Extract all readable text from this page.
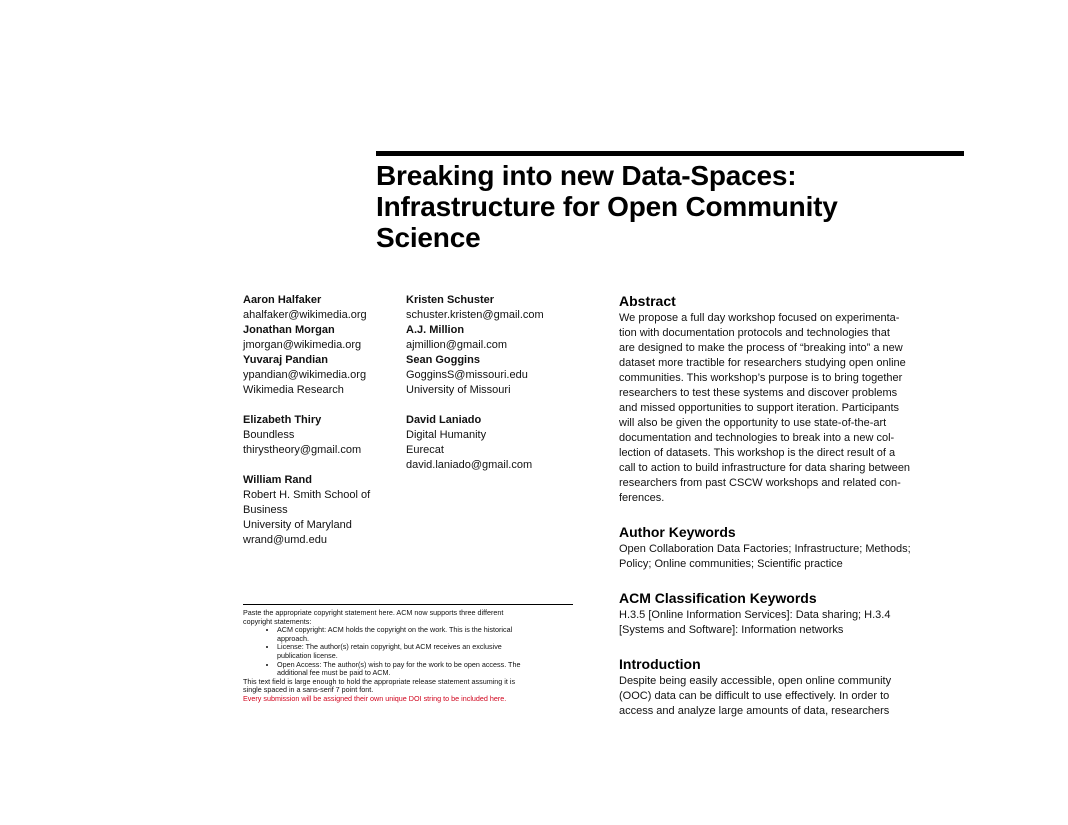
Breaking into new Data-Spaces:
Infrastructure for Open Community
Science
Aaron Halfaker
ahalfaker@wikimedia.org
Jonathan Morgan
jmorgan@wikimedia.org
Yuvaraj Pandian
ypandian@wikimedia.org
Wikimedia Research
Elizabeth Thiry
Boundless
thirystheory@gmail.com
William Rand
Robert H. Smith School of
Business
University of Maryland
wrand@umd.edu
Kristen Schuster
schuster.kristen@gmail.com
A.J. Million
ajmillion@gmail.com
Sean Goggins
GogginsS@missouri.edu
University of Missouri
David Laniado
Digital Humanity
Eurecat
david.laniado@gmail.com
Paste the appropriate copyright statement here. ACM now supports three different
copyright statements:
• ACM copyright: ACM holds the copyright on the work. This is the historical
approach.
• License: The author(s) retain copyright, but ACM receives an exclusive
publication license.
• Open Access: The author(s) wish to pay for the work to be open access. The
additional fee must be paid to ACM.
This text field is large enough to hold the appropriate release statement assuming it is
single spaced in a sans-serif 7 point font.
Every submission will be assigned their own unique DOI string to be included here.
Abstract
We propose a full day workshop focused on experimenta-
tion with documentation protocols and technologies that
are designed to make the process of “breaking into” a new
dataset more tractible for researchers studying open online
communities. This workshop’s purpose is to bring together
researchers to test these systems and discover problems
and missed opportunities to support iteration. Participants
will also be given the opportunity to use state-of-the-art
documentation and technologies to break into a new col-
lection of datasets. This workshop is the direct result of a
call to action to build infrastructure for data sharing between
researchers from past CSCW workshops and related con-
ferences.
Author Keywords
Open Collaboration Data Factories; Infrastructure; Methods;
Policy; Online communities; Scientific practice
ACM Classification Keywords
H.3.5 [Online Information Services]: Data sharing; H.3.4
[Systems and Software]: Information networks
Introduction
Despite being easily accessible, open online community
(OOC) data can be difficult to use effectively. In order to
access and analyze large amounts of data, researchers
